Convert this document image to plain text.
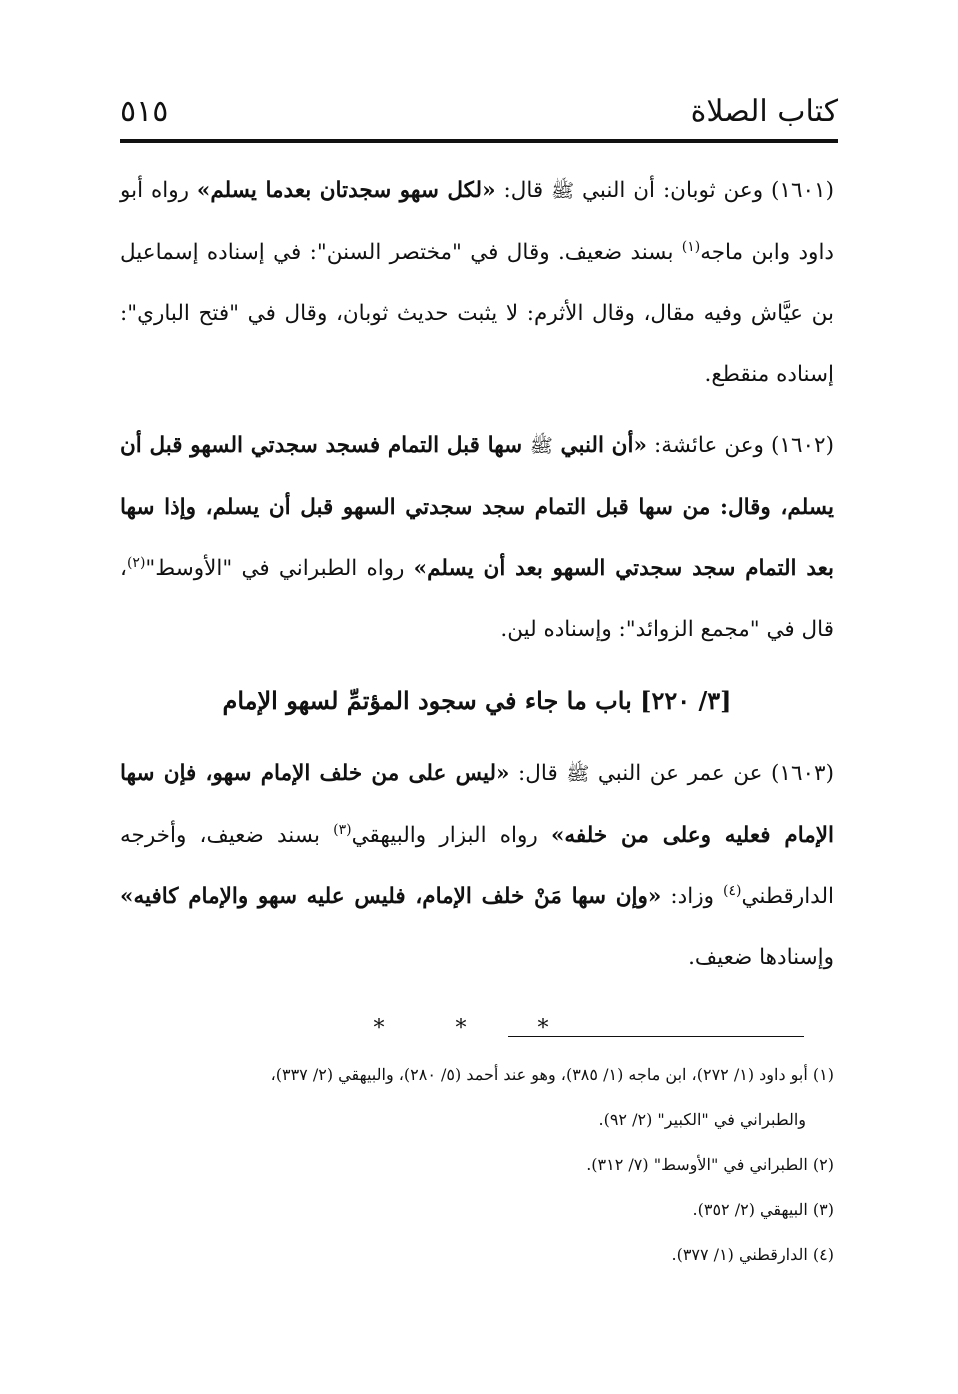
كتاب الصلاة
٥١٥

(١٦٠١) وعن ثوبان: أن النبي ﷺ قال: «لكل سهو سجدتان بعدما يسلم» رواه أبو داود وابن ماجه$^{(١)}$ بسند ضعيف. وقال في "مختصر السنن": في إسناده إسماعيل بن عيَّاش وفيه مقال، وقال الأثرم: لا يثبت حديث ثوبان، وقال في "فتح الباري": إسناده منقطع.

(١٦٠٢) وعن عائشة: «أن النبي ﷺ سها قبل التمام فسجد سجدتي السهو قبل أن يسلم، وقال: من سها قبل التمام سجد سجدتي السهو قبل أن يسلم، وإذا سها بعد التمام سجد سجدتي السهو بعد أن يسلم» رواه الطبراني في "الأوسط"$^{(٢)}$، قال في "مجمع الزوائد": وإسناده لين.

[٣/ ٢٢٠] باب ما جاء في سجود المؤتمِّ لسهو الإمام

(١٦٠٣) عن عمر عن النبي ﷺ قال: «ليس على من خلف الإمام سهو، فإن سها الإمام فعليه وعلى من خلفه» رواه البزار والبيهقي$^{(٣)}$ بسند ضعيف، وأخرجه الدارقطني$^{(٤)}$ وزاد: «وإن سها مَنْ خلف الإمام، فليس عليه سهو والإمام كافيه» وإسنادها ضعيف.

* * *

(١) أبو داود (١/ ٢٧٢)، ابن ماجه (١/ ٣٨٥)، وهو عند أحمد (٥/ ٢٨٠)، والبيهقي (٢/ ٣٣٧)،

والطبراني في "الكبير" (٢/ ٩٢).

(٢) الطبراني في "الأوسط" (٧/ ٣١٢).

(٣) البيهقي (٢/ ٣٥٢).

(٤) الدارقطني (١/ ٣٧٧).
